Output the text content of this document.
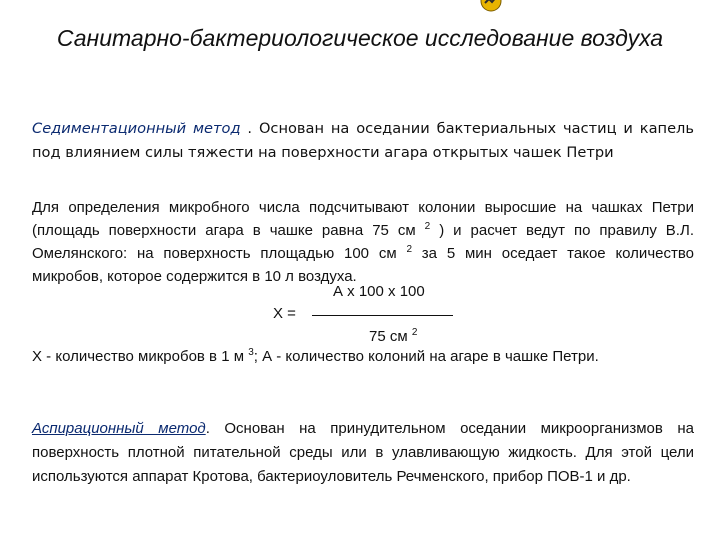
Санитарно-бактериологическое исследование воздуха

Седиментационный метод . Основан на оседании бактериальных частиц и капель под влиянием силы тяжести на поверхности агара открытых чашек Петри

Для определения микробного числа подсчитывают колонии выросшие на чашках Петри (площадь поверхности агара в чашке равна 75 см $^2$ ) и расчет ведут по правилу В.Л. Омелянского: на поверхность площадью 100 см $^2$ за 5 мин оседает такое количество микробов, которое содержится в 10 л воздуха.

А х 100 х 100
Х =
75 см $^2$

Х - количество микробов в 1 м $^3$; А - количество колоний на агаре в чашке Петри.

Аспирационный метод. Основан на принудительном оседании микроорганизмов на поверхность плотной питательной среды или в улавливающую жидкость. Для этой цели используются аппарат Кротова, бактериоуловитель Речменского, прибор ПОВ-1 и др.
